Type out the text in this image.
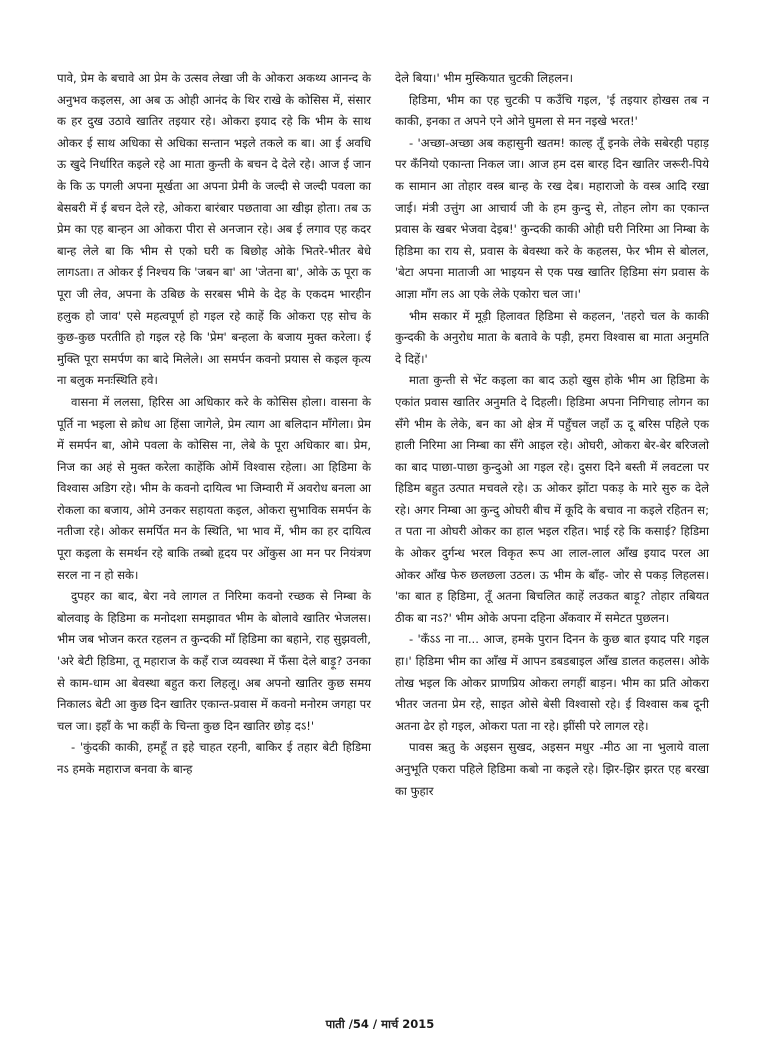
पावे, प्रेम के बचावे आ प्रेम के उत्सव लेखा जी के ओकरा अकथ्य आनन्द के अनुभव कइलस, आ अब ऊ ओही आनंद के थिर राखे के कोसिस में, संसार क हर दुख उठावे खातिर तइयार रहे। ओकरा इयाद रहे कि भीम के साथ ओकर ई साथ अधिका से अधिका सन्तान भइले तकले क बा। आ ई अवधि ऊ खुदे निर्धारित कइले रहे आ माता कुन्ती के बचन दे देले रहे। आज ई जान के कि ऊ पगली अपना मूर्खता आ अपना प्रेमी के जल्दी से जल्दी पवला का बेसबरी में ई बचन देले रहे, ओकरा बारंबार पछतावा आ खीझ होता। तब ऊ प्रेम का एह बान्हन आ ओकरा पीरा से अनजान रहे। अब ई लगाव एह कदर बान्ह लेले बा कि भीम से एको घरी क बिछोह ओके भितरे-भीतर बेधे लागऽता। त ओकर ई निश्चय कि 'जबन बा' आ 'जेतना बा', ओके ऊ पूरा क पूरा जी लेव, अपना के उबिछ के सरबस भीमे के देह के एकदम भारहीन हलुक हो जाव' एसे महत्वपूर्ण हो गइल रहे काहें कि ओकरा एह सोच के कुछ-कुछ परतीति हो गइल रहे कि 'प्रेम' बन्हला के बजाय मुक्त करेला। ई मुक्ति पूरा समर्पण का बादे मिलेले। आ समर्पन कवनो प्रयास से कइल कृत्य ना बलुक मनःस्थिति हवे।

वासना में ललसा, हिरिस आ अधिकार करे के कोसिस होला। वासना के पूर्ति ना भइला से क्रोध आ हिंसा जागेले, प्रेम त्याग आ बलिदान माँगेला। प्रेम में समर्पन बा, ओमे पवला के कोसिस ना, लेबे के पूरा अधिकार बा। प्रेम, निज का अहं से मुक्त करेला काहेंकि ओमें विश्वास रहेला। आ हिडिमा के विश्वास अडिग रहे। भीम के कवनो दायित्व भा जिम्वारी में अवरोध बनला आ रोकला का बजाय, ओमे उनकर सहायता कइल, ओकरा सुभाविक समर्पन के नतीजा रहे। ओकर समर्पित मन के स्थिति, भा भाव में, भीम का हर दायित्व पूरा कइला के समर्थन रहे बाकि तब्बो हृदय पर ओंकुस आ मन पर नियंत्रण सरल ना न हो सके।

दुपहर का बाद, बेरा नवे लागल त निरिमा कवनो रच्छक से निम्बा के बोलवाइ के हिडिमा क मनोदशा समझावत भीम के बोलावे खातिर भेजलस। भीम जब भोजन करत रहलन त कुन्दकी माँ हिडिमा का बहाने, राह सुझवली, 'अरे बेटी हिडिमा, तू महाराज के कहँ राज व्यवस्था में फँसा देले बाड़ू? उनका से काम-धाम आ बेवस्था बहुत करा लिहलू। अब अपनो खातिर कुछ समय निकालऽ बेटी आ कुछ दिन खातिर एकान्त-प्रवास में कवनो मनोरम जगहा पर चल जा। इहाँ के भा कहीं के चिन्ता कुछ दिन खातिर छोड़ दऽ!'

- 'कुंदकी काकी, हमहूँ त इहे चाहत रहनी, बाकिर ई तहार बेटी हिडिमा नऽ हमके महाराज बनवा के बान्ह

देले बिया।' भीम मुस्कियात चुटकी लिहलन।

हिडिमा, भीम का एह चुटकी प कउँचि गइल, 'ई तइयार होखस तब न काकी, इनका त अपने एने ओने घुमला से मन नइखे भरत!'

- 'अच्छा-अच्छा अब कहासुनी खतम! काल्ह तूँ इनके लेके सबेरही पहाड़ पर कँनियो एकान्ता निकल जा। आज हम दस बारह दिन खातिर जरूरी-पिये क सामान आ तोहार वस्त्र बान्ह के रख देब। महाराजो के वस्त्र आदि रखा जाई। मंत्री उत्तुंग आ आचार्य जी के हम कुन्दु से, तोहन लोग का एकान्त प्रवास के खबर भेजवा देइब!' कुन्दकी काकी ओही घरी निरिमा आ निम्बा के हिडिमा का राय से, प्रवास के बेवस्था करे के कहलस, फेर भीम से बोलल, 'बेटा अपना माताजी आ भाइयन से एक पख खातिर हिडिमा संग प्रवास के आज्ञा माँग लऽ आ एके लेके एकोरा चल जा।'

भीम सकार में मूड़ी हिलावत हिडिमा से कहलन, 'तहरो चल के काकी कुन्दकी के अनुरोध माता के बतावे के पड़ी, हमरा विश्वास बा माता अनुमति दे दिहें।'

माता कुन्ती से भेंट कइला का बाद ऊहो खुस होके भीम आ हिडिमा के एकांत प्रवास खातिर अनुमति दे दिहली। हिडिमा अपना निगिचाह लोगन का सँगे भीम के लेके, बन का ओ क्षेत्र में पहुँचल जहाँ ऊ दू बरिस पहिले एक हाली निरिमा आ निम्बा का सँगे आइल रहे। ओघरी, ओकरा बेर-बेर बरिजलो का बाद पाछा-पाछा कुन्दुओ आ गइल रहे। दुसरा दिने बस्ती में लवटला पर हिडिम बहुत उत्पात मचवले रहे। ऊ ओकर झोंटा पकड़ के मारे सुरु क देले रहे। अगर निम्बा आ कुन्दु ओघरी बीच में कूदि के बचाव ना कइले रहितन स; त पता ना ओघरी ओकर का हाल भइल रहित। भाई रहे कि कसाई? हिडिमा के ओकर दुर्गन्ध भरल विकृत रूप आ लाल-लाल आँख इयाद परल आ ओकर आँख फेरु छलछला उठल। ऊ भीम के बाँह- जोर से पकड़ लिहलस। 'का बात ह हिडिमा, तूँ अतना बिचलित काहें लउकत बाड़ू? तोहार तबियत ठीक बा नऽ?' भीम ओके अपना दहिना अँकवार में समेटत पुछलन।

- 'कँऽऽ ना ना... आज, हमके पुरान दिनन के कुछ बात इयाद परि गइल हा।' हिडिमा भीम का आँख में आपन डबडबाइल आँख डालत कहलस। ओके तोख भइल कि ओकर प्राणप्रिय ओकरा लगहीं बाड़न। भीम का प्रति ओकरा भीतर जतना प्रेम रहे, साइत ओसे बेसी विश्वासो रहे। ई विश्वास कब दूनी अतना ढेर हो गइल, ओकरा पता ना रहे। झींसी परे लागल रहे।

पावस ऋतु के अइसन सुखद, अइसन मधुर -मीठ आ ना भुलाये वाला अनुभूति एकरा पहिले हिडिमा कबो ना कइले रहे। झिर-झिर झरत एह बरखा का फुहार

पाती /54 / मार्च 2015
